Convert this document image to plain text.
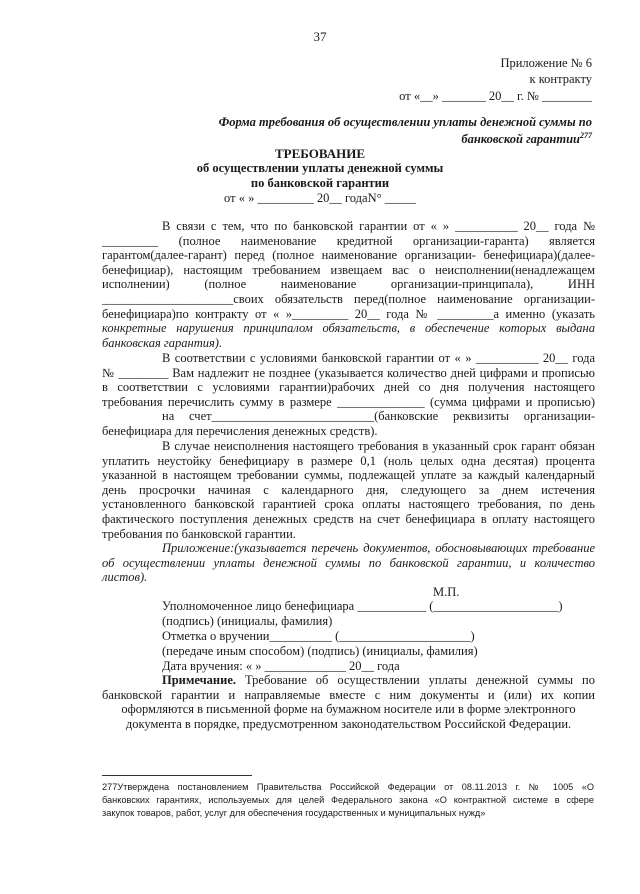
37
Приложение № 6
к контракту
от «__» _______ 20__ г. № ________
Форма требования об осуществлении уплаты денежной суммы по
банковской гарантии$^{277}$
ТРЕБОВАНИЕ
об осуществлении уплаты денежной суммы
по банковской гарантии
от « » _________ 20__ годаN° _____
В связи с тем, что по банковской гарантии от « » __________ 20__ года №
_________ (полное наименование кредитной организации-гаранта) является
гарантом(далее-гарант) перед (полное наименование организации- бенефициара)(далее-
бенефициар), настоящим требованием извещаем вас о неисполнении(ненадлежащем
исполнении) (полное наименование организации-принципала), ИНН
_____________________своих обязательств перед(полное наименование организации-
бенефициара)по контракту от « »_________ 20__ года № _________а именно (указать
конкретные нарушения принципалом обязательств, в обеспечение которых выдана
банковская гарантия).
В соответствии с условиями банковской гарантии от « » __________ 20__ года
№ ________ Вам надлежит не позднее (указывается количество дней цифрами и прописью
в соответствии с условиями гарантии)рабочих дней со дня получения настоящего
требования перечислить сумму в размере ______________ (сумма цифрами и прописью)
на счет__________________________(банковские реквизиты организации-
бенефициара для перечисления денежных средств).
В случае неисполнения настоящего требования в указанный срок гарант обязан
уплатить неустойку бенефициару в размере 0,1 (ноль целых одна десятая) процента
указанной в настоящем требовании суммы, подлежащей уплате за каждый календарный
день просрочки начиная с календарного дня, следующего за днем истечения
установленного банковской гарантией срока оплаты настоящего требования, по день
фактического поступления денежных средств на счет бенефициара в оплату настоящего
требования по банковской гарантии.
Приложение:(указывается перечень документов, обосновывающих требование
об осуществлении уплаты денежной суммы по банковской гарантии, и количество
листов).
М.П.
Уполномоченное лицо бенефициара ___________ (____________________)
(подпись) (инициалы, фамилия)
Отметка о вручении__________ (_____________________)
(передаче иным способом) (подпись) (инициалы, фамилия)
Дата вручения: « » _____________ 20__ года
Примечание. Требование об осуществлении уплаты денежной суммы по
банковской гарантии и направляемые вместе с ним документы и (или) их копии
оформляются в письменной форме на бумажном носителе или в форме электронного
документа в порядке, предусмотренном законодательством Российской Федерации.
277Утверждена постановлением Правительства Российской Федерации от 08.11.2013 г. № 1005 «О
банковских гарантиях, используемых для целей Федерального закона «О контрактной системе в сфере
закупок товаров, работ, услуг для обеспечения государственных и муниципальных нужд»
